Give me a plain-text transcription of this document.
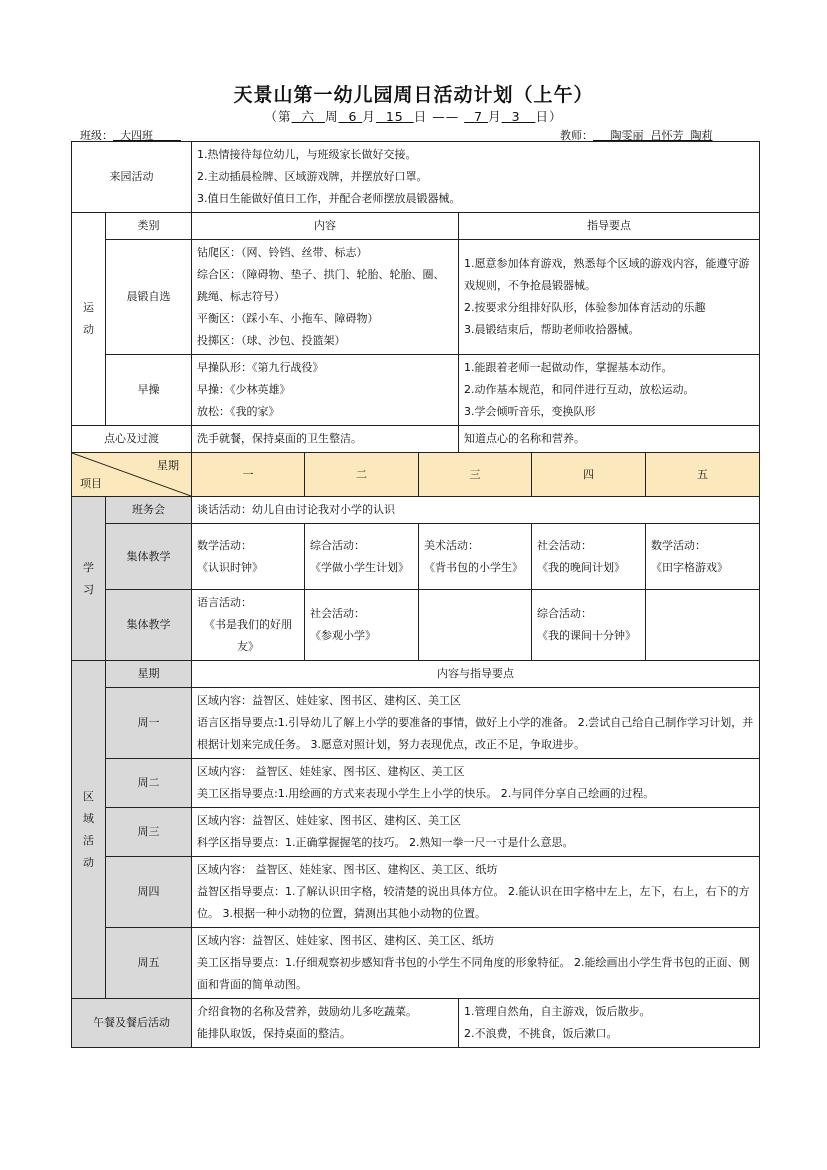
天景山第一幼儿园周日活动计划（上午）
（第 六 周 6 月 15 日 —— 7 月 3 日）
班级： 大四班	教师： 陶雯丽  吕怀芳  陶莉
来园活动		1.热情接待每位幼儿，与班级家长做好交接。
2.主动插晨检牌、区域游戏牌，并摆放好口罩。
3.值日生能做好值日工作，并配合老师摆放晨锻器械。					

运动	类别	内容			指导要点		
	晨锻自选	钻爬区：（网、铃铛、丝带、标志）
综合区：（障碍物、垫子、拱门、轮胎、轮胎、圈、跳绳、标志符号）
平衡区：（踩小车、小拖车、障碍物）
投掷区：（球、沙包、投篮架）			1.愿意参加体育游戏，熟悉每个区域的游戏内容，能遵守游戏规则，不争抢晨锻器械。
2.按要求分组排好队形，体验参加体育活动的乐趣
3.晨锻结束后，帮助老师收拾器械。		

	早操	早操队形：《第九行战役》
早操：《少林英雄》
放松：《我的家》			1.能跟着老师一起做动作，掌握基本动作。
2.动作基本规范，和同伴进行互动，放松运动。
3.学会倾听音乐，变换队形		

点心及过渡		洗手就餐，保持桌面的卫生整洁。			知道点心的名称和营养。		

星期
项目		一	二	三		四	五
学习	班务会	谈话活动：幼儿自由讨论我对小学的认识					
	集体教学	数学活动：
《认识时钟》	综合活动：
《学做小学生计划》	美术活动：
《背书包的小学生》		社会活动：
《我的晚间计划》	数学活动：
《田字格游戏》

	集体教学	语言活动：
《书是我们的好朋友》	社会活动：
《参观小学》			综合活动：
《我的课间十分钟》	

区域活动	星期	内容与指导要点					
	周一	区域内容：益智区、娃娃家、图书区、建构区、美工区
语言区指导要点:1.引导幼儿了解上小学的要准备的事情，做好上小学的准备。 2.尝试自己给自己制作学习计划，并根据计划来完成任务。 3.愿意对照计划，努力表现优点，改正不足，争取进步。					

	周二	区域内容： 益智区、娃娃家、图书区、建构区、美工区
美工区指导要点:1.用绘画的方式来表现小学生上小学的快乐。 2.与同伴分享自己绘画的过程。					

	周三	区域内容：益智区、娃娃家、图书区、建构区、美工区
科学区指导要点：1.正确掌握握笔的技巧。 2.熟知一拳一尺一寸是什么意思。					

	周四	区域内容： 益智区、娃娃家、图书区、建构区、美工区、纸坊
益智区指导要点：1.了解认识田字格，较清楚的说出具体方位。 2.能认识在田字格中左上，左下，右上，右下的方位。 3.根据一种小动物的位置，猜测出其他小动物的位置。					

	周五	区域内容：益智区、娃娃家、图书区、建构区、美工区、纸坊
美工区指导要点：1.仔细观察初步感知背书包的小学生不同角度的形象特征。 2.能绘画出小学生背书包的正面、侧面和背面的简单动图。					

午餐及餐后活动		介绍食物的名称及营养，鼓励幼儿多吃蔬菜。
能排队取饭，保持桌面的整洁。			1.管理自然角，自主游戏，饭后散步。
2.不浪费，不挑食，饭后漱口。		
